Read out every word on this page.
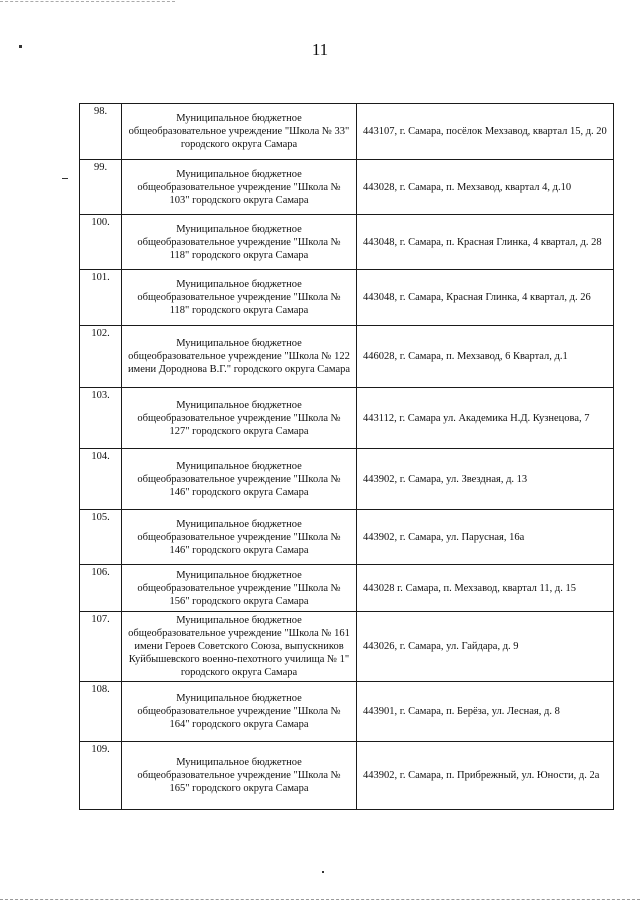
11
98.	Муниципальное бюджетное общеобразовательное учреждение "Школа № 33" городского округа Самара	443107, г. Самара, посёлок Мехзавод, квартал 15, д. 20
99.	Муниципальное бюджетное общеобразовательное учреждение "Школа № 103" городского округа Самара	443028, г. Самара, п. Мехзавод, квартал 4, д.10
100.	Муниципальное бюджетное общеобразовательное учреждение "Школа № 118" городского округа Самара	443048, г. Самара, п. Красная Глинка, 4 квартал, д. 28
101.	Муниципальное бюджетное общеобразовательное учреждение "Школа № 118" городского округа Самара	443048, г. Самара, Красная Глинка, 4 квартал, д. 26
102.	Муниципальное бюджетное общеобразовательное учреждение "Школа № 122 имени Дороднова В.Г." городского округа Самара	446028, г. Самара, п. Мехзавод, 6 Квартал, д.1
103.	Муниципальное бюджетное общеобразовательное учреждение "Школа № 127" городского округа Самара	443112, г. Самара ул. Академика Н.Д. Кузнецова, 7
104.	Муниципальное бюджетное общеобразовательное учреждение "Школа № 146" городского округа Самара	443902, г. Самара, ул. Звездная, д. 13
105.	Муниципальное бюджетное общеобразовательное учреждение "Школа № 146" городского округа Самара	443902, г. Самара, ул. Парусная, 16а
106.	Муниципальное бюджетное общеобразовательное учреждение "Школа № 156" городского округа Самара	443028 г. Самара, п. Мехзавод, квартал 11, д. 15
107.	Муниципальное бюджетное общеобразовательное учреждение "Школа № 161 имени Героев Советского Союза, выпускников Куйбышевского военно-пехотного училища № 1" городского округа Самара	443026, г. Самара, ул. Гайдара, д. 9
108.	Муниципальное бюджетное общеобразовательное учреждение "Школа № 164" городского округа Самара	443901, г. Самара, п. Берёза, ул. Лесная, д. 8
109.	Муниципальное бюджетное общеобразовательное учреждение "Школа № 165" городского округа Самара	443902, г. Самара, п. Прибрежный, ул. Юности, д. 2а
